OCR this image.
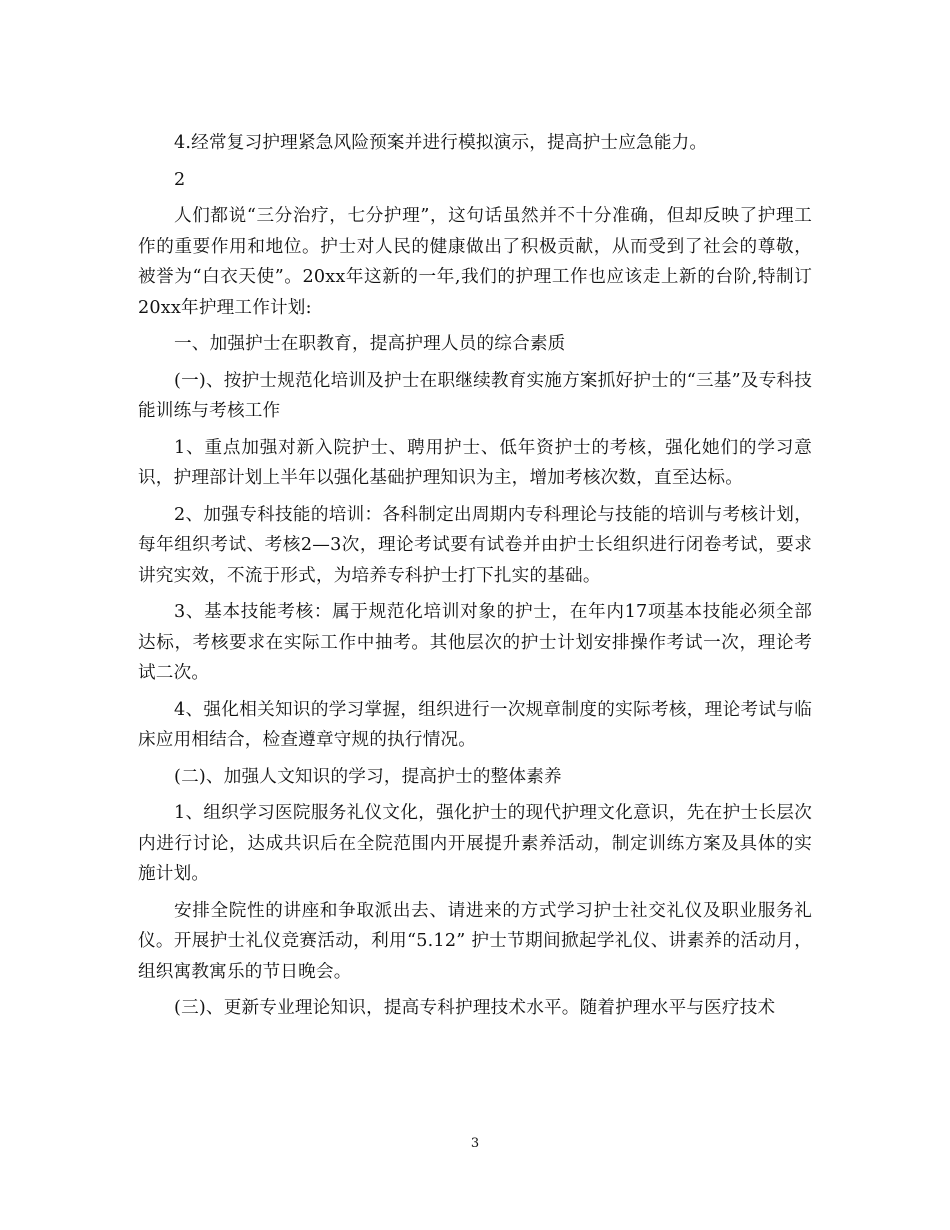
4.经常复习护理紧急风险预案并进行模拟演示，提高护士应急能力。

2

人们都说“三分治疗，七分护理”，这句话虽然并不十分准确，但却反映了护理工作的重要作用和地位。护士对人民的健康做出了积极贡献，从而受到了社会的尊敬，被誉为“白衣天使”。20xx年这新的一年,我们的护理工作也应该走上新的台阶,特制订20xx年护理工作计划:

一、加强护士在职教育，提高护理人员的综合素质

(一)、按护士规范化培训及护士在职继续教育实施方案抓好护士的“三基”及专科技能训练与考核工作

1、重点加强对新入院护士、聘用护士、低年资护士的考核，强化她们的学习意识，护理部计划上半年以强化基础护理知识为主，增加考核次数，直至达标。

2、加强专科技能的培训：各科制定出周期内专科理论与技能的培训与考核计划，每年组织考试、考核2—3次，理论考试要有试卷并由护士长组织进行闭卷考试，要求讲究实效，不流于形式，为培养专科护士打下扎实的基础。

3、基本技能考核：属于规范化培训对象的护士，在年内17项基本技能必须全部达标，考核要求在实际工作中抽考。其他层次的护士计划安排操作考试一次，理论考试二次。

4、强化相关知识的学习掌握，组织进行一次规章制度的实际考核，理论考试与临床应用相结合，检查遵章守规的执行情况。

(二)、加强人文知识的学习，提高护士的整体素养

1、组织学习医院服务礼仪文化，强化护士的现代护理文化意识，先在护士长层次内进行讨论，达成共识后在全院范围内开展提升素养活动，制定训练方案及具体的实施计划。

安排全院性的讲座和争取派出去、请进来的方式学习护士社交礼仪及职业服务礼仪。开展护士礼仪竞赛活动，利用“5.12” 护士节期间掀起学礼仪、讲素养的活动月，组织寓教寓乐的节日晚会。

(三)、更新专业理论知识，提高专科护理技术水平。随着护理水平与医疗技术

3
